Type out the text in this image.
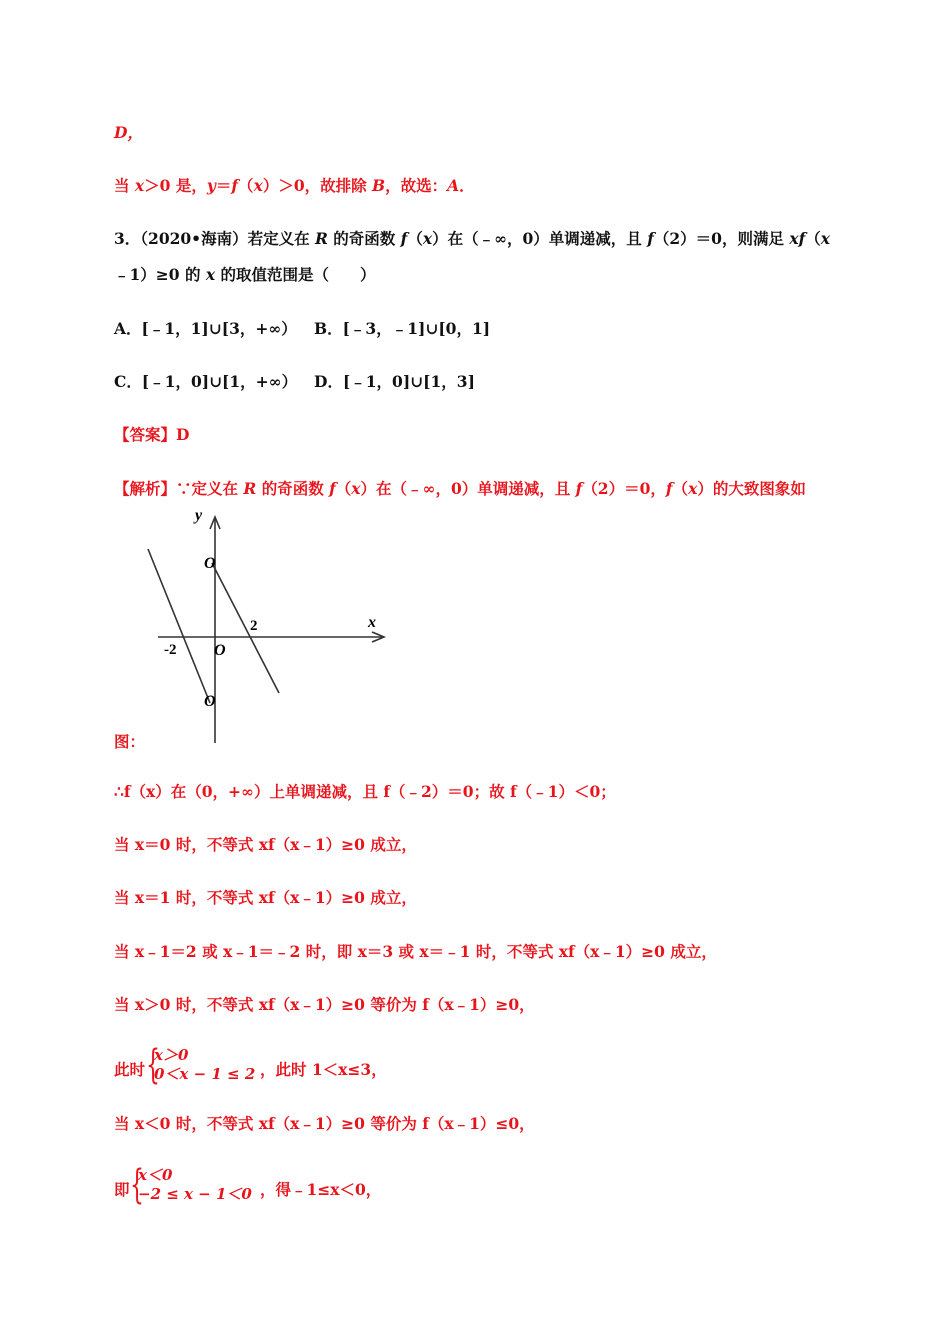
D，
当 x＞0 是，y＝f（x）＞0，故排除 B，故选：A．
3．（2020•海南）若定义在 R 的奇函数 f（x）在（﹣∞，0）单调递减，且 f（2）＝0，则满足 xf（x
﹣1）≥0 的 x 的取值范围是（　　）
A．[﹣1，1]∪[3，+∞） B．[﹣3，﹣1]∪[0，1]
C．[﹣1，0]∪[1，+∞） D．[﹣1，0]∪[1，3]
【答案】D
【解析】∵定义在 R 的奇函数 f（x）在（﹣∞，0）单调递减，且 f（2）＝0，f（x）的大致图象如
y
x
O
O
O
2
-2
图：
∴f（x）在（0，+∞）上单调递减，且 f（﹣2）＝0；故 f（﹣1）＜0；
当 x＝0 时，不等式 xf（x﹣1）≥0 成立，
当 x＝1 时，不等式 xf（x﹣1）≥0 成立，
当 x﹣1＝2 或 x﹣1＝﹣2 时，即 x＝3 或 x＝﹣1 时，不等式 xf（x﹣1）≥0 成立，
当 x＞0 时，不等式 xf（x﹣1）≥0 等价为 f（x﹣1）≥0，
此时 {
x＞0
0＜x − 1 ≤ 2 ，此时 1＜x≤3，
当 x＜0 时，不等式 xf（x﹣1）≥0 等价为 f（x﹣1）≤0，
即 {
x＜0
−2 ≤ x − 1＜0 ，得﹣1≤x＜0，
